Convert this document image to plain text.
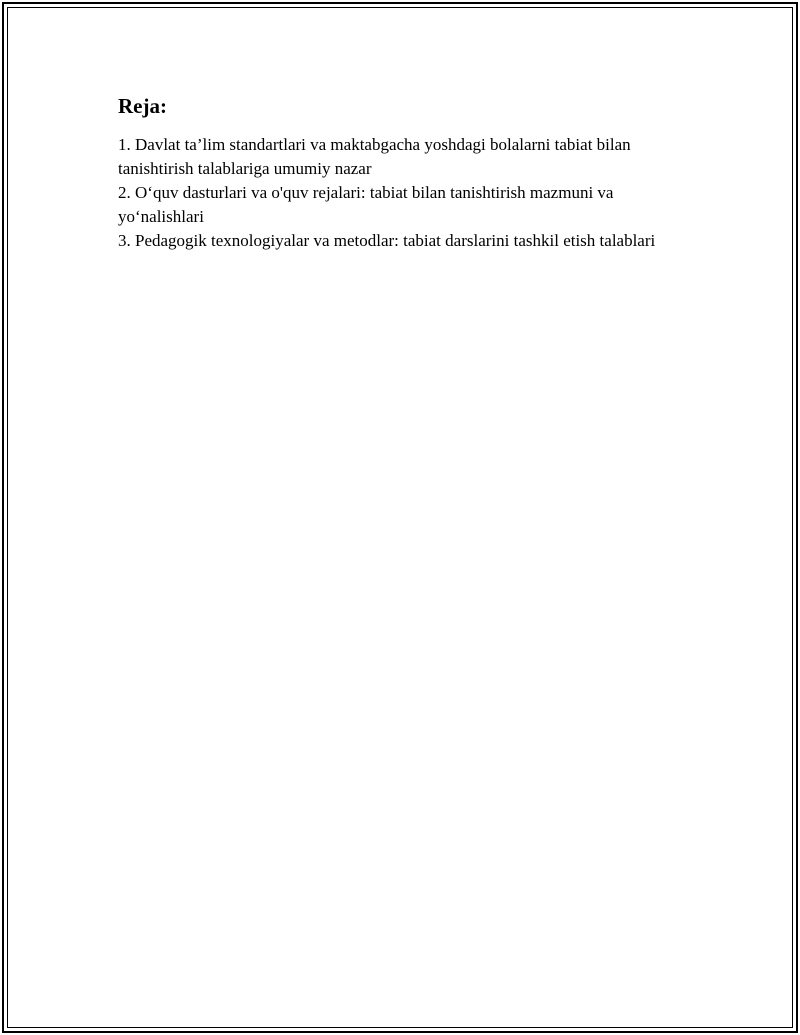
Reja:
1. Davlat ta’lim standartlari va maktabgacha yoshdagi bolalarni tabiat bilan tanishtirish talablariga umumiy nazar
2. O‘quv dasturlari va o'quv rejalari: tabiat bilan tanishtirish mazmuni va yo‘nalishlari
3. Pedagogik texnologiyalar va metodlar: tabiat darslarini tashkil etish talablari
